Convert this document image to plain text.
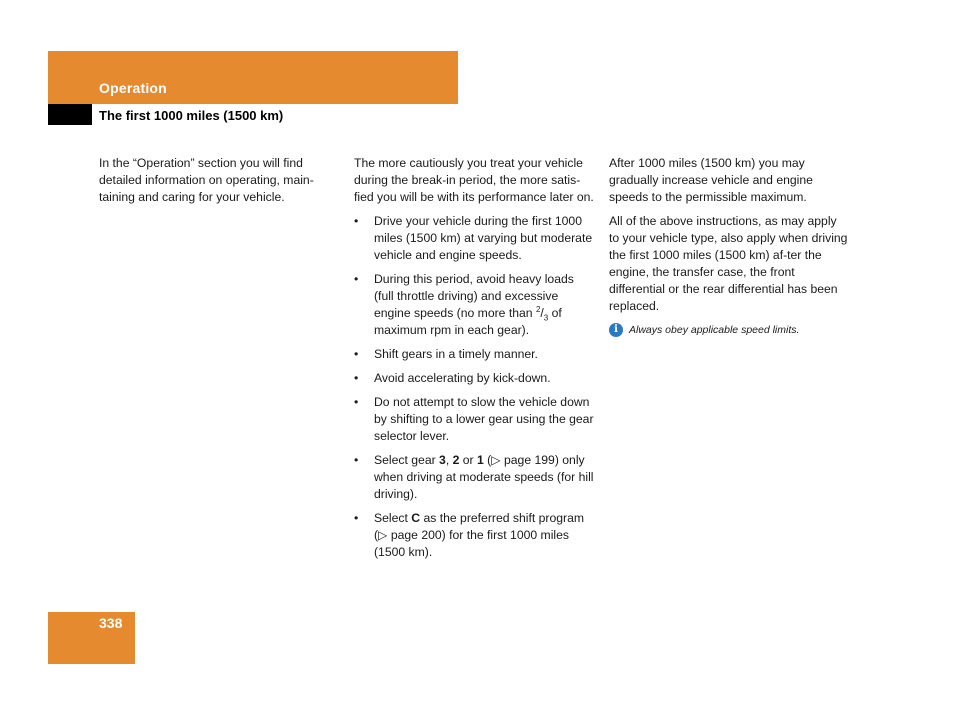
Operation
The first 1000 miles (1500 km)

In the “Operation” section you will find detailed information on operating, main-taining and caring for your vehicle.

The more cautiously you treat your vehicle during the break-in period, the more satis-fied you will be with its performance later on.

• Drive your vehicle during the first 1000 miles (1500 km) at varying but moderate vehicle and engine speeds.
• During this period, avoid heavy loads (full throttle driving) and excessive engine speeds (no more than $^2/_3$ of maximum rpm in each gear).
• Shift gears in a timely manner.
• Avoid accelerating by kick-down.
• Do not attempt to slow the vehicle down by shifting to a lower gear using the gear selector lever.
• Select gear 3, 2 or 1 (▷ page 199) only when driving at moderate speeds (for hill driving).
• Select C as the preferred shift program (▷ page 200) for the first 1000 miles (1500 km).

After 1000 miles (1500 km) you may gradually increase vehicle and engine speeds to the permissible maximum.

All of the above instructions, as may apply to your vehicle type, also apply when driving the first 1000 miles (1500 km) af-ter the engine, the transfer case, the front differential or the rear differential has been replaced.

i	Always obey applicable speed limits.
338
